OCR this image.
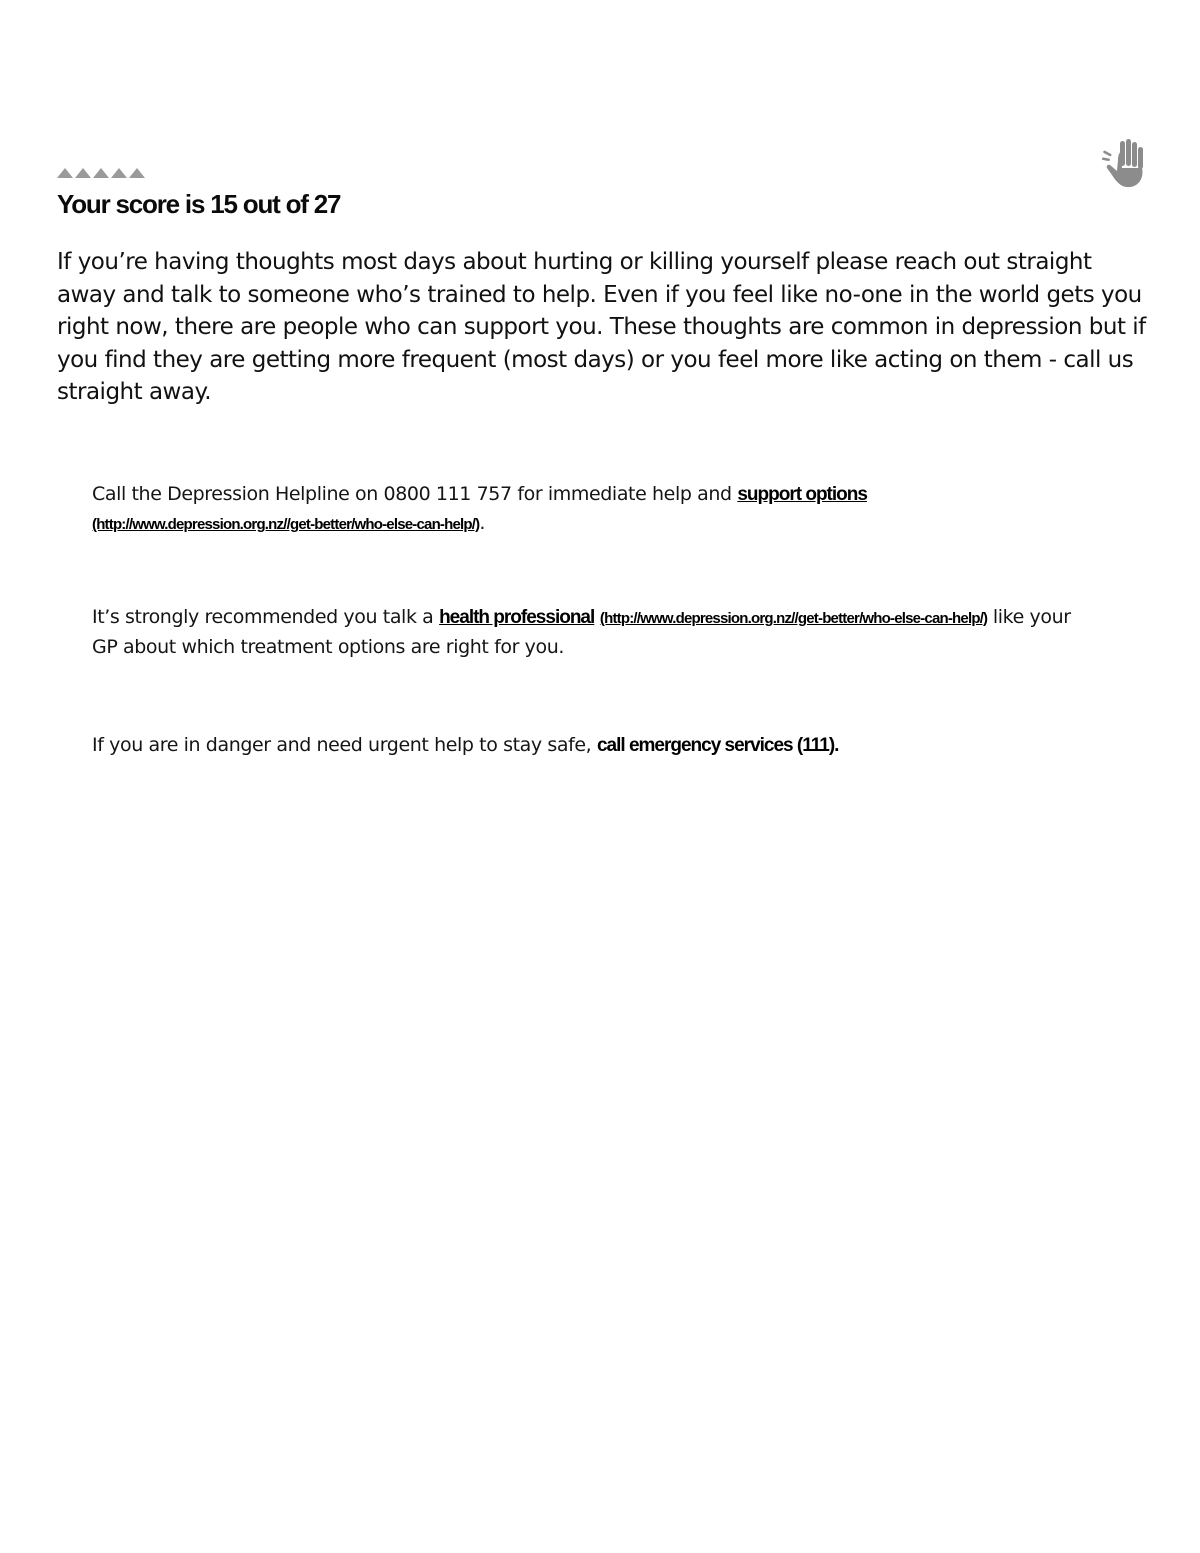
Your score is 15 out of 27

If you’re having thoughts most days about hurting or killing yourself please reach out straight away and talk to someone who’s trained to help. Even if you feel like no-one in the world gets you right now, there are people who can support you. These thoughts are common in depression but if you find they are getting more frequent (most days) or you feel more like acting on them - call us straight away.

Call the Depression Helpline on 0800 111 757 for immediate help and support options
(http://www.depression.org.nz//get-better/who-else-can-help/).

It’s strongly recommended you talk a health professional (http://www.depression.org.nz//get-better/who-else-can-help/) like your GP about which treatment options are right for you.

If you are in danger and need urgent help to stay safe, call emergency services (111).
